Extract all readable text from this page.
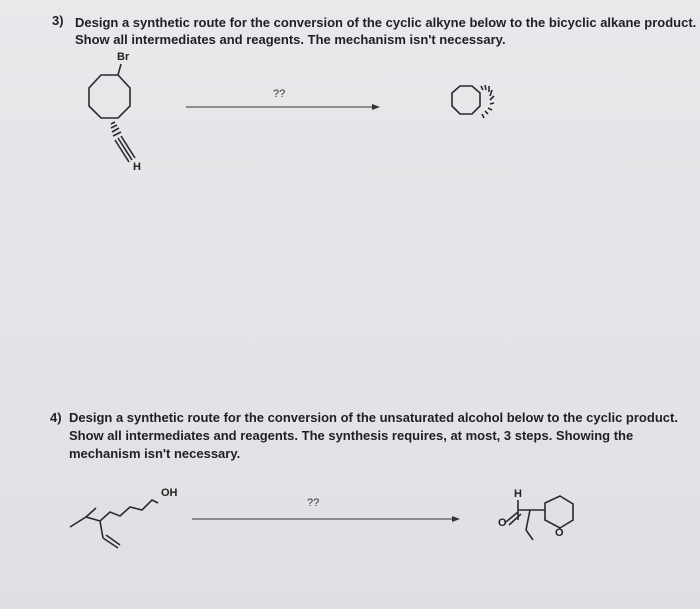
3) Design a synthetic route for the conversion of the cyclic alkyne below to the bicyclic alkane product.
Show all intermediates and reagents. The mechanism isn't necessary.
Br
H
??
4) Design a synthetic route for the conversion of the unsaturated alcohol below to the cyclic product.
Show all intermediates and reagents. The synthesis requires, at most, 3 steps. Showing the
mechanism isn't necessary.
OH
??
H
O
O
